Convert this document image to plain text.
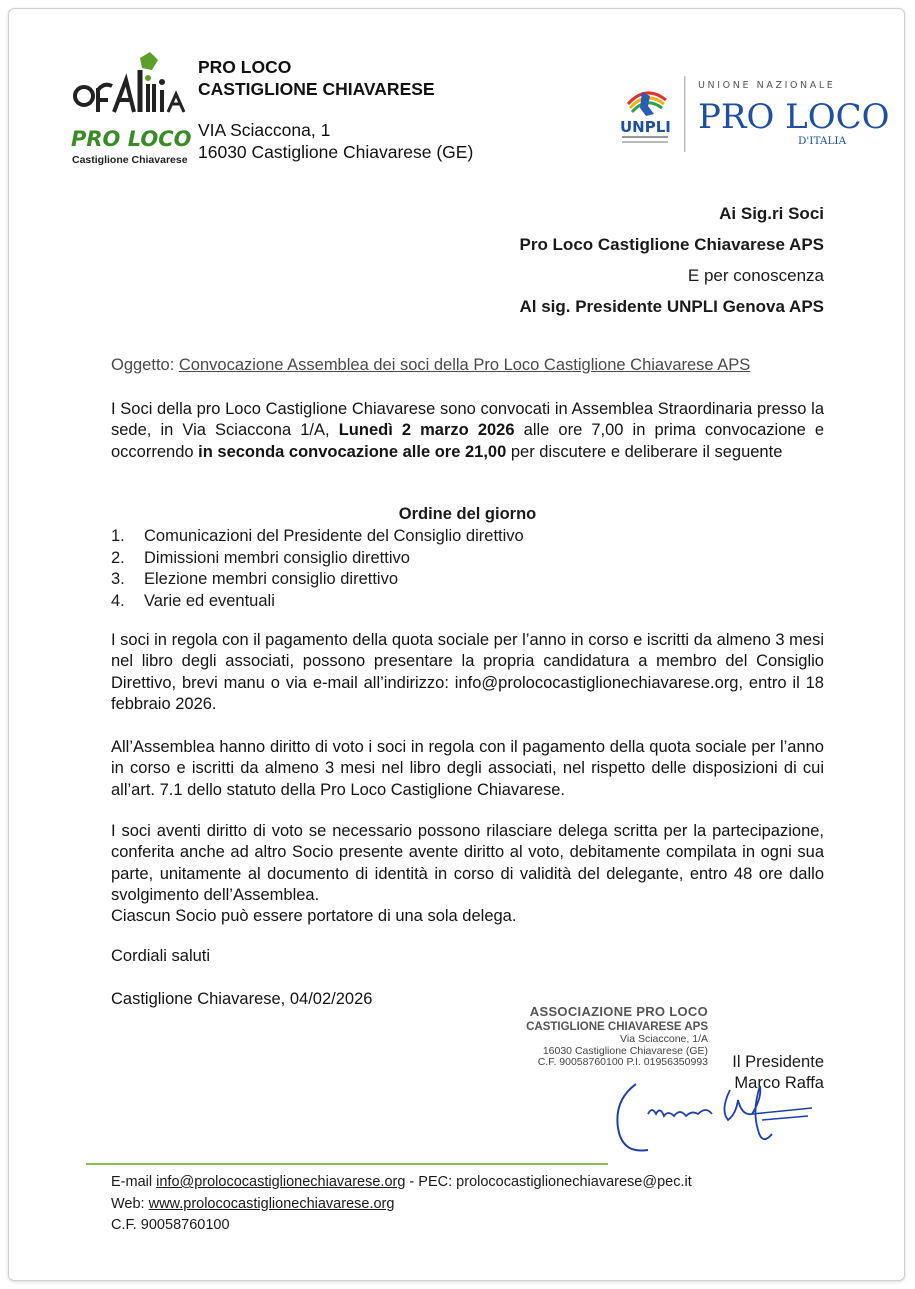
PRO LOCO
Castiglione Chiavarese
PRO LOCO
CASTIGLIONE CHIAVARESE
VIA Sciaccona, 1
16030 Castiglione Chiavarese (GE)
UNPLI
UNIONE NAZIONALE
PRO LOCO
D'ITALIA
Ai Sig.ri Soci
Pro Loco Castiglione Chiavarese APS
E per conoscenza
Al sig. Presidente UNPLI Genova APS
Oggetto: Convocazione Assemblea dei soci della Pro Loco Castiglione Chiavarese APS
I Soci della pro Loco Castiglione Chiavarese sono convocati in Assemblea Straordinaria presso la sede, in Via Sciaccona 1/A, Lunedì 2 marzo 2026 alle ore 7,00 in prima convocazione e occorrendo in seconda convocazione alle ore 21,00 per discutere e deliberare il seguente
Ordine del giorno
1. Comunicazioni del Presidente del Consiglio direttivo
2. Dimissioni membri consiglio direttivo
3. Elezione membri consiglio direttivo
4. Varie ed eventuali
I soci in regola con il pagamento della quota sociale per l’anno in corso e iscritti da almeno 3 mesi nel libro degli associati, possono presentare la propria candidatura a membro del Consiglio Direttivo, brevi manu o via e-mail all’indirizzo: info@prolococastiglionechiavarese.org, entro il 18 febbraio 2026.
All’Assemblea hanno diritto di voto i soci in regola con il pagamento della quota sociale per l’anno in corso e iscritti da almeno 3 mesi nel libro degli associati, nel rispetto delle disposizioni di cui all’art. 7.1 dello statuto della Pro Loco Castiglione Chiavarese.
I soci aventi diritto di voto se necessario possono rilasciare delega scritta per la partecipazione, conferita anche ad altro Socio presente avente diritto al voto, debitamente compilata in ogni sua parte, unitamente al documento di identità in corso di validità del delegante, entro 48 ore dallo svolgimento dell’Assemblea.
Ciascun Socio può essere portatore di una sola delega.
Cordiali saluti
Castiglione Chiavarese, 04/02/2026
ASSOCIAZIONE PRO LOCO
CASTIGLIONE CHIAVARESE APS
Via Sciaccone, 1/A
16030 Castiglione Chiavarese (GE)
C.F. 90058760100 P.I. 01956350993 Il Presidente
Marco Raffa
E-mail info@prolococastiglionechiavarese.org - PEC: prolococastiglionechiavarese@pec.it
Web: www.prolococastiglionechiavarese.org
C.F. 90058760100
